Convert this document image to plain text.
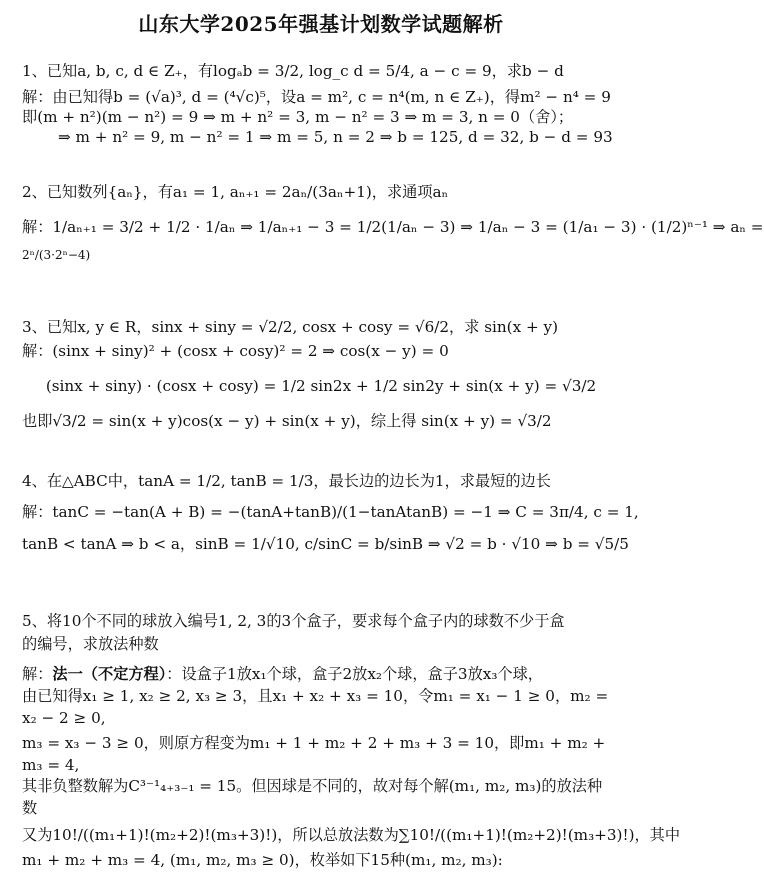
山东大学2025年强基计划数学试题解析
1、已知a, b, c, d ∈ Z₊，有logₐb = 3/2, log_c d = 5/4, a − c = 9，求b − d
解：由已知得b = (√a)³, d = (⁴√c)⁵，设a = m², c = n⁴(m, n ∈ Z₊)，得m² − n⁴ = 9
即(m + n²)(m − n²) = 9 ⇒ m + n² = 3, m − n² = 3 ⇒ m = 3, n = 0（舍）；
⇒ m + n² = 9, m − n² = 1 ⇒ m = 5, n = 2 ⇒ b = 125, d = 32, b − d = 93
2、已知数列{aₙ}，有a₁ = 1, aₙ₊₁ = 2aₙ/(3aₙ+1)，求通项aₙ
解：1/aₙ₊₁ = 3/2 + 1/2 · 1/aₙ ⇒ 1/aₙ₊₁ − 3 = 1/2(1/aₙ − 3) ⇒ 1/aₙ − 3 = (1/a₁ − 3) · (1/2)ⁿ⁻¹ ⇒ aₙ =
2ⁿ/(3·2ⁿ−4)
3、已知x, y ∈ R，sinx + siny = √2/2, cosx + cosy = √6/2，求 sin(x + y)
解：(sinx + siny)² + (cosx + cosy)² = 2 ⇒ cos(x − y) = 0
(sinx + siny) · (cosx + cosy) = 1/2 sin2x + 1/2 sin2y + sin(x + y) = √3/2
也即√3/2 = sin(x + y)cos(x − y) + sin(x + y)，综上得 sin(x + y) = √3/2
4、在△ABC中，tanA = 1/2, tanB = 1/3，最长边的边长为1，求最短的边长
解：tanC = −tan(A + B) = −(tanA+tanB)/(1−tanAtanB) = −1 ⇒ C = 3π/4, c = 1,
tanB < tanA ⇒ b < a，sinB = 1/√10, c/sinC = b/sinB ⇒ √2 = b · √10 ⇒ b = √5/5
5、将10个不同的球放入编号1, 2, 3的3个盒子，要求每个盒子内的球数不少于盒
的编号，求放法种数
解：法一（不定方程）：设盒子1放x₁个球，盒子2放x₂个球，盒子3放x₃个球，
由已知得x₁ ≥ 1, x₂ ≥ 2, x₃ ≥ 3，且x₁ + x₂ + x₃ = 10，令m₁ = x₁ − 1 ≥ 0，m₂ =
x₂ − 2 ≥ 0,
m₃ = x₃ − 3 ≥ 0，则原方程变为m₁ + 1 + m₂ + 2 + m₃ + 3 = 10，即m₁ + m₂ +
m₃ = 4,
其非负整数解为C³⁻¹₄₊₃₋₁ = 15。但因球是不同的，故对每个解(m₁, m₂, m₃)的放法种
数
又为10!/((m₁+1)!(m₂+2)!(m₃+3)!)，所以总放法数为∑10!/((m₁+1)!(m₂+2)!(m₃+3)!)，其中
m₁ + m₂ + m₃ = 4, (m₁, m₂, m₃ ≥ 0)，枚举如下15种(m₁, m₂, m₃):
